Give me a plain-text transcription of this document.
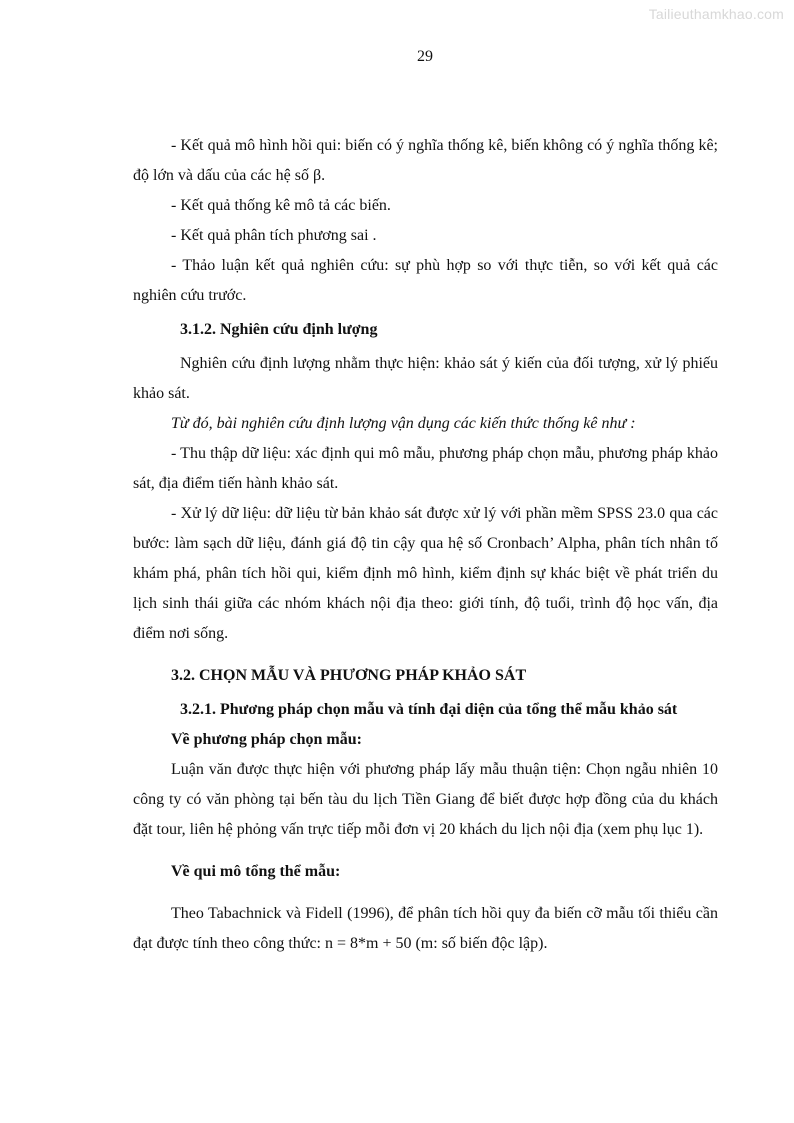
Tailieuthamkhao.com
29

- Kết quả mô hình hồi qui: biến có ý nghĩa thống kê, biến không có ý nghĩa thống kê; độ lớn và dấu của các hệ số β.

- Kết quả thống kê mô tả các biến.

- Kết quả phân tích phương sai .

- Thảo luận kết quả nghiên cứu: sự phù hợp so với thực tiễn, so với kết quả các nghiên cứu trước.

3.1.2. Nghiên cứu định lượng

Nghiên cứu định lượng nhằm thực hiện: khảo sát ý kiến của đối tượng, xử lý phiếu khảo sát.

Từ đó, bài nghiên cứu định lượng vận dụng các kiến thức thống kê như :

- Thu thập dữ liệu: xác định qui mô mẫu, phương pháp chọn mẫu, phương pháp khảo sát, địa điểm tiến hành khảo sát.

- Xử lý dữ liệu: dữ liệu từ bản khảo sát được xử lý với phần mềm SPSS 23.0 qua các bước: làm sạch dữ liệu, đánh giá độ tin cậy qua hệ số Cronbach’ Alpha, phân tích nhân tố khám phá, phân tích hồi qui, kiểm định mô hình, kiểm định sự khác biệt về phát triển du lịch sinh thái giữa các nhóm khách nội địa theo: giới tính, độ tuổi, trình độ học vấn, địa điểm nơi sống.

3.2. CHỌN MẪU VÀ PHƯƠNG PHÁP KHẢO SÁT

3.2.1. Phương pháp chọn mẫu và tính đại diện của tổng thể mẫu khảo sát

Về phương pháp chọn mẫu:

Luận văn được thực hiện với phương pháp lấy mẫu thuận tiện: Chọn ngẫu nhiên 10 công ty có văn phòng tại bến tàu du lịch Tiền Giang để biết được hợp đồng của du khách đặt tour, liên hệ phỏng vấn trực tiếp mỗi đơn vị 20 khách du lịch nội địa (xem phụ lục 1).

Về qui mô tổng thể mẫu:

Theo Tabachnick và Fidell (1996), để phân tích hồi quy đa biến cỡ mẫu tối thiểu cần đạt được tính theo công thức: n = 8*m + 50 (m: số biến độc lập).
